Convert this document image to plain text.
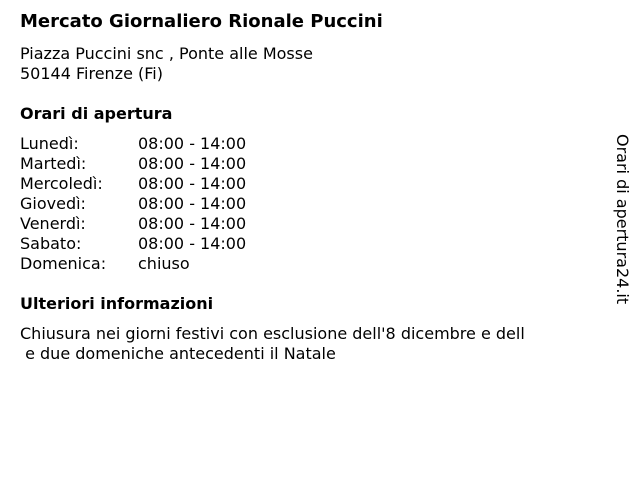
Mercato Giornaliero Rionale Puccini
Piazza Puccini snc , Ponte alle Mosse
50144 Firenze (Fi)
Orari di apertura
Lunedì:	08:00 - 14:00
Martedì:	08:00 - 14:00
Mercoledì: 08:00 - 14:00
Giovedì:	08:00 - 14:00
Venerdì:	08:00 - 14:00
Sabato:	08:00 - 14:00
Domenica: chiuso
Ulteriori informazioni
Chiusura nei giorni festivi con esclusione dell'8 dicembre e dell
e due domeniche antecedenti il Natale
Orari di apertura24.it
